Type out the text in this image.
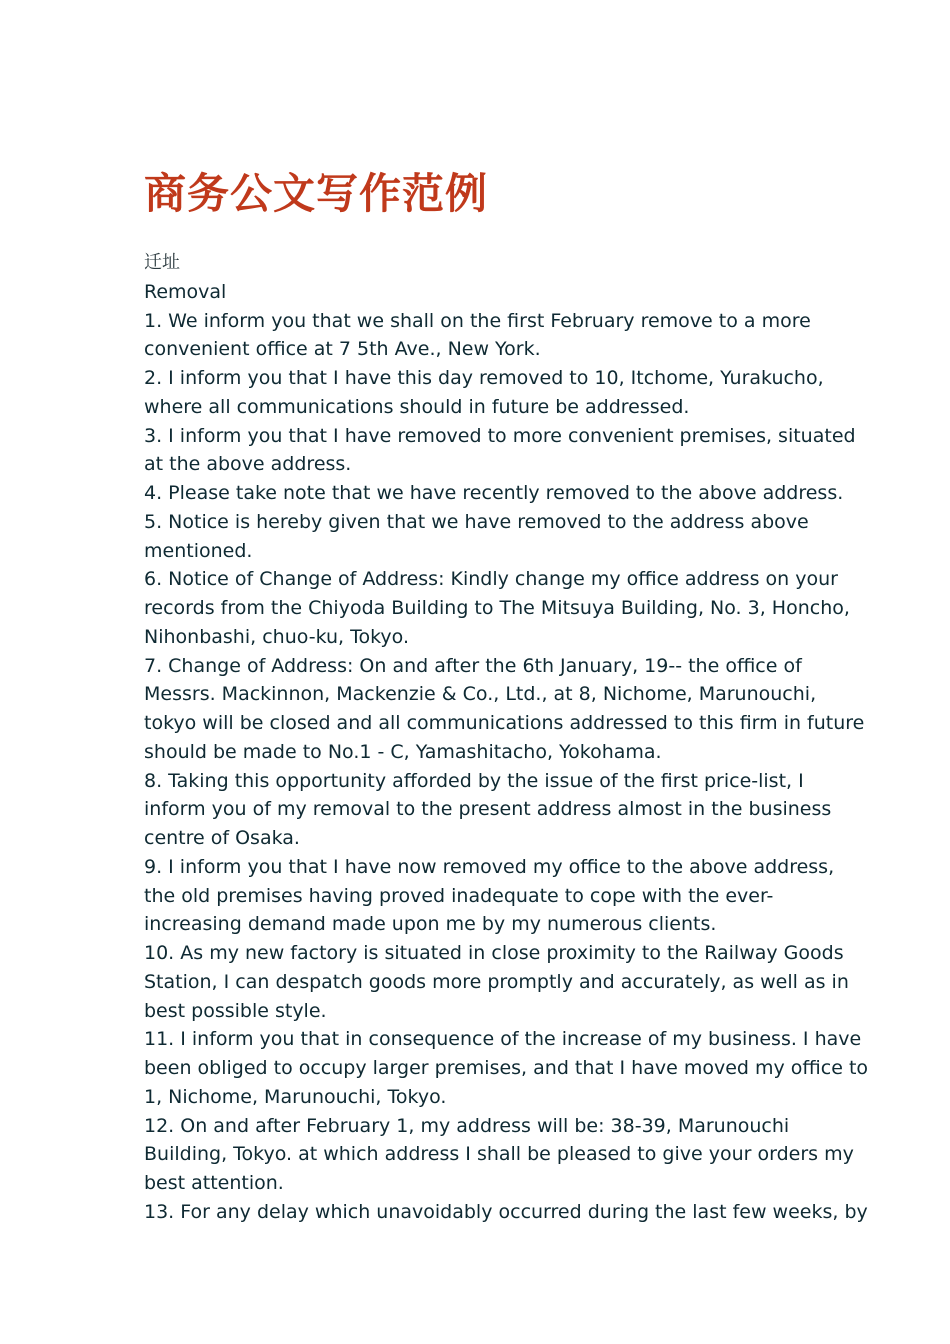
商务公文写作范例
迁址
Removal
1. We inform you that we shall on the first February remove to a more
convenient office at 7 5th Ave., New York.
2. I inform you that I have this day removed to 10, Itchome, Yurakucho,
where all communications should in future be addressed.
3. I inform you that I have removed to more convenient premises, situated
at the above address.
4. Please take note that we have recently removed to the above address.
5. Notice is hereby given that we have removed to the address above
mentioned.
6. Notice of Change of Address: Kindly change my office address on your
records from the Chiyoda Building to The Mitsuya Building, No. 3, Honcho,
Nihonbashi, chuo-ku, Tokyo.
7. Change of Address: On and after the 6th January, 19-- the office of
Messrs. Mackinnon, Mackenzie & Co., Ltd., at 8, Nichome, Marunouchi,
tokyo will be closed and all communications addressed to this firm in future
should be made to No.1 - C, Yamashitacho, Yokohama.
8. Taking this opportunity afforded by the issue of the first price-list, I
inform you of my removal to the present address almost in the business
centre of Osaka.
9. I inform you that I have now removed my office to the above address,
the old premises having proved inadequate to cope with the ever-
increasing demand made upon me by my numerous clients.
10. As my new factory is situated in close proximity to the Railway Goods
Station, I can despatch goods more promptly and accurately, as well as in
best possible style.
11. I inform you that in consequence of the increase of my business. I have
been obliged to occupy larger premises, and that I have moved my office to
1, Nichome, Marunouchi, Tokyo.
12. On and after February 1, my address will be: 38-39, Marunouchi
Building, Tokyo. at which address I shall be pleased to give your orders my
best attention.
13. For any delay which unavoidably occurred during the last few weeks, by
